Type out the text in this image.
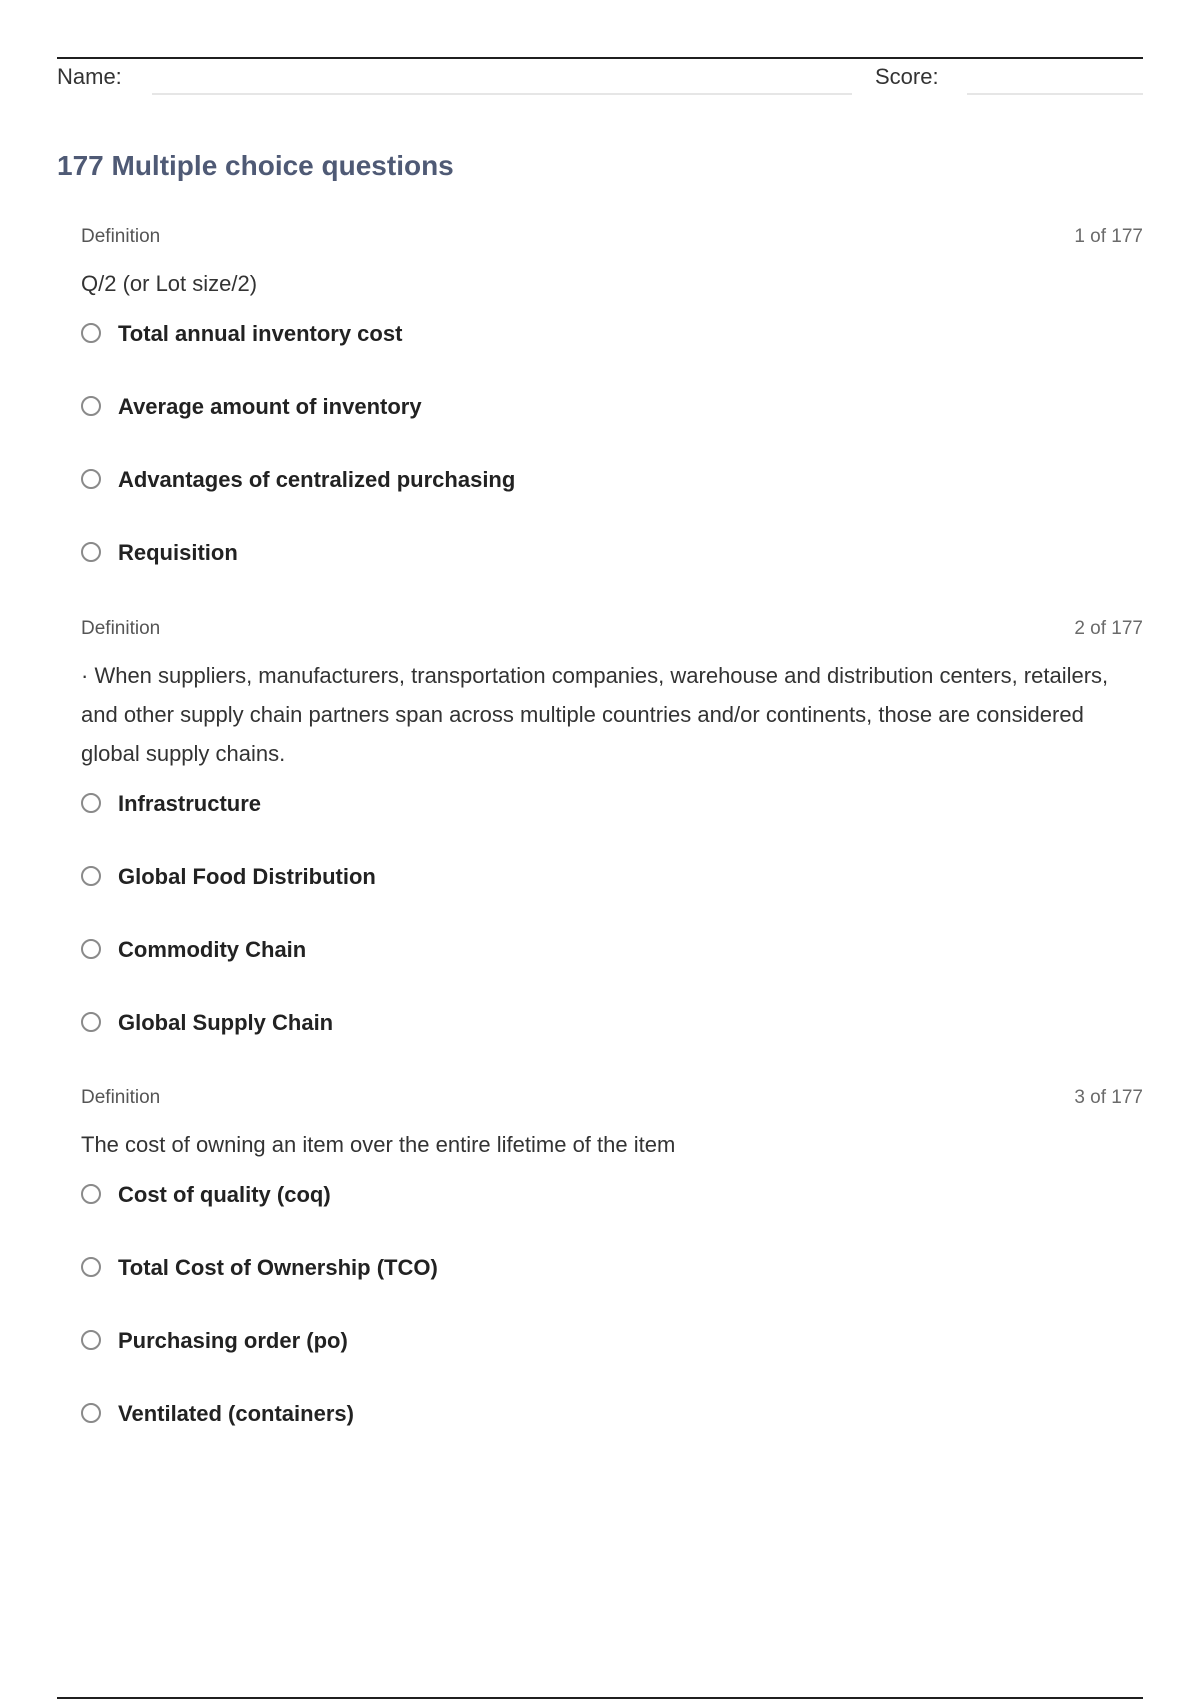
Name:	Score:
177 Multiple choice questions
Definition	1 of 177
Q/2 (or Lot size/2)
Total annual inventory cost
Average amount of inventory
Advantages of centralized purchasing
Requisition
Definition	2 of 177
· When suppliers, manufacturers, transportation companies, warehouse and distribution centers, retailers, and other supply chain partners span across multiple countries and/or continents, those are considered global supply chains.
Infrastructure
Global Food Distribution
Commodity Chain
Global Supply Chain
Definition	3 of 177
The cost of owning an item over the entire lifetime of the item
Cost of quality (coq)
Total Cost of Ownership (TCO)
Purchasing order (po)
Ventilated (containers)
